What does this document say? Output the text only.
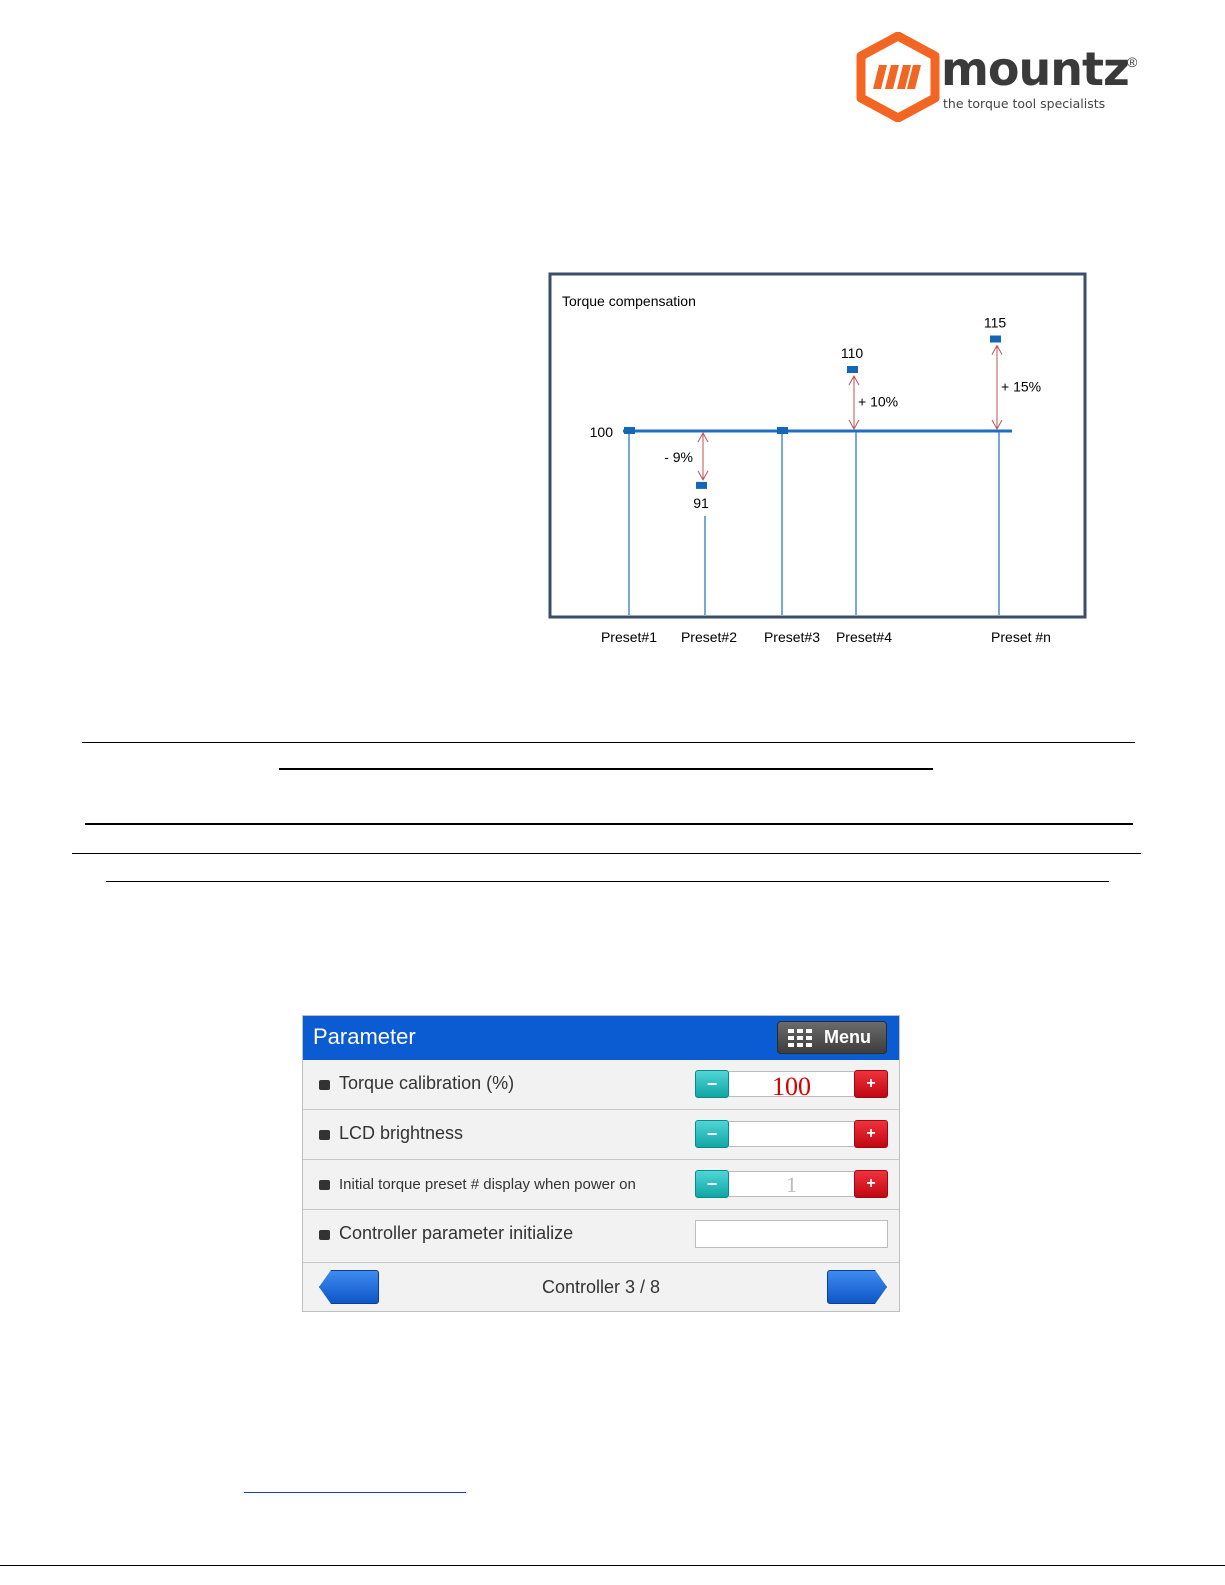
mountz
®
the torque tool specialists
Torque compensation
100
Preset#1
91
- 9%
Preset#2 Preset#3
110
+ 10%
Preset#4
115
+ 15%
Preset #n
Parameter	Menu
Torque calibration (%)	−	100	+
LCD brightness	−	+
Initial torque preset # display when power on	−	1	+
Controller parameter initialize
Controller 3 / 8
